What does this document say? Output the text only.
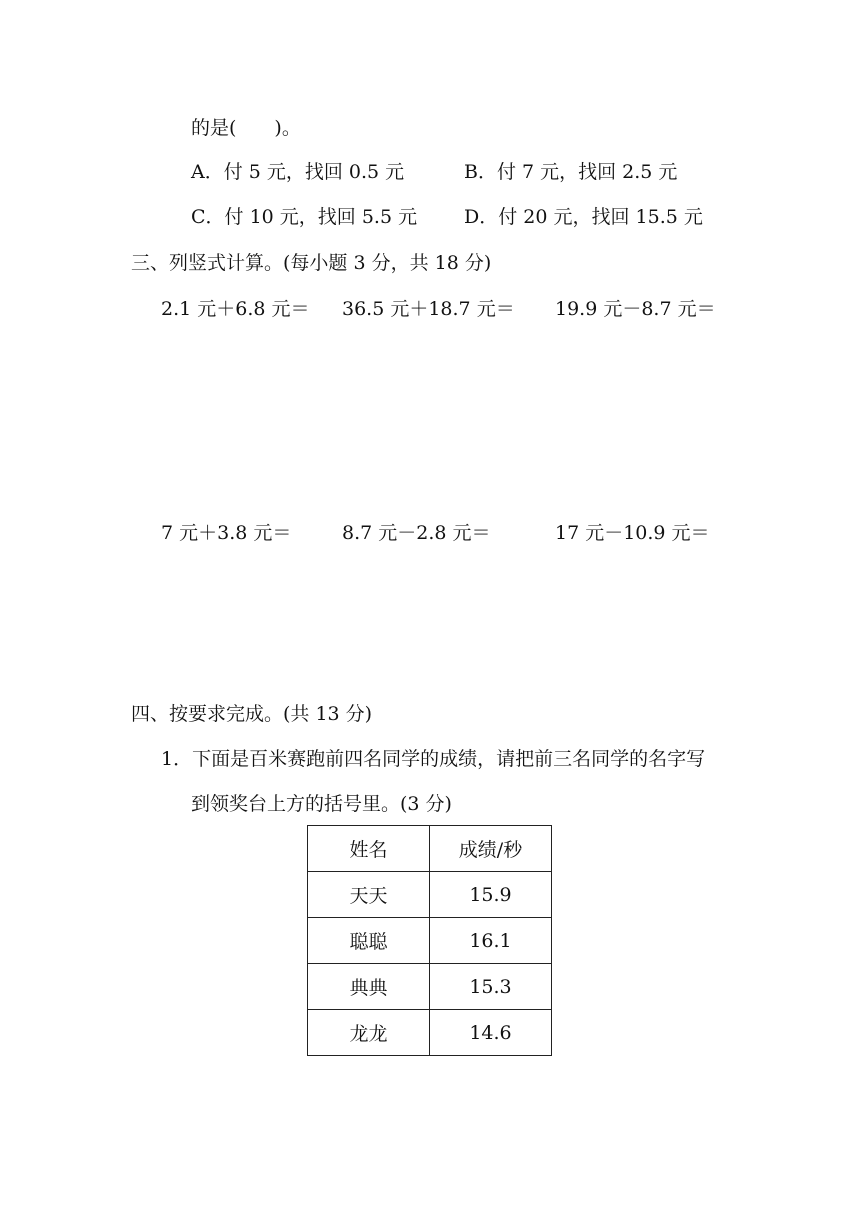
的是(　　)。
A．付 5 元，找回 0.5 元	B．付 7 元，找回 2.5 元
C．付 10 元，找回 5.5 元 D．付 20 元，找回 15.5 元
三、列竖式计算。(每小题 3 分，共 18 分)
2.1 元＋6.8 元＝ 36.5 元＋18.7 元＝ 19.9 元－8.7 元＝
7 元＋3.8 元＝	8.7 元－2.8 元＝	17 元－10.9 元＝
四、按要求完成。(共 13 分)
1．下面是百米赛跑前四名同学的成绩，请把前三名同学的名字写
到领奖台上方的括号里。(3 分)
姓名	成绩/秒
天天	15.9
聪聪	16.1
典典	15.3
龙龙	14.6
